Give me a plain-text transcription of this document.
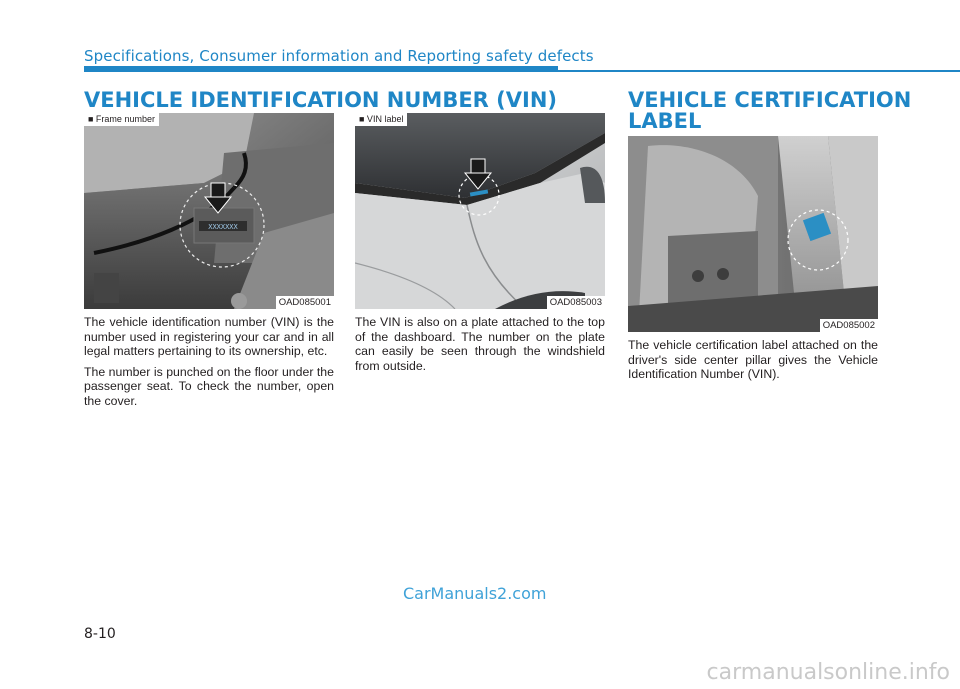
Specifications, Consumer information and Reporting safety defects
VEHICLE IDENTIFICATION NUMBER (VIN)	VEHICLE CERTIFICATION
LABEL
XXXXXXX
■ Frame number
OAD085001
■ VIN label
OAD085003
OAD085002

The vehicle identification number (VIN) is the number used in registering your car and in all legal matters pertaining to its ownership, etc.

The number is punched on the floor under the passenger seat. To check the number, open the cover.

The VIN is also on a plate attached to the top of the dashboard. The number on the plate can easily be seen through the windshield from outside.

The vehicle certification label attached on the driver's side center pillar gives the Vehicle Identification Number (VIN).

CarManuals2.com
8-10
carmanualsonline.info
